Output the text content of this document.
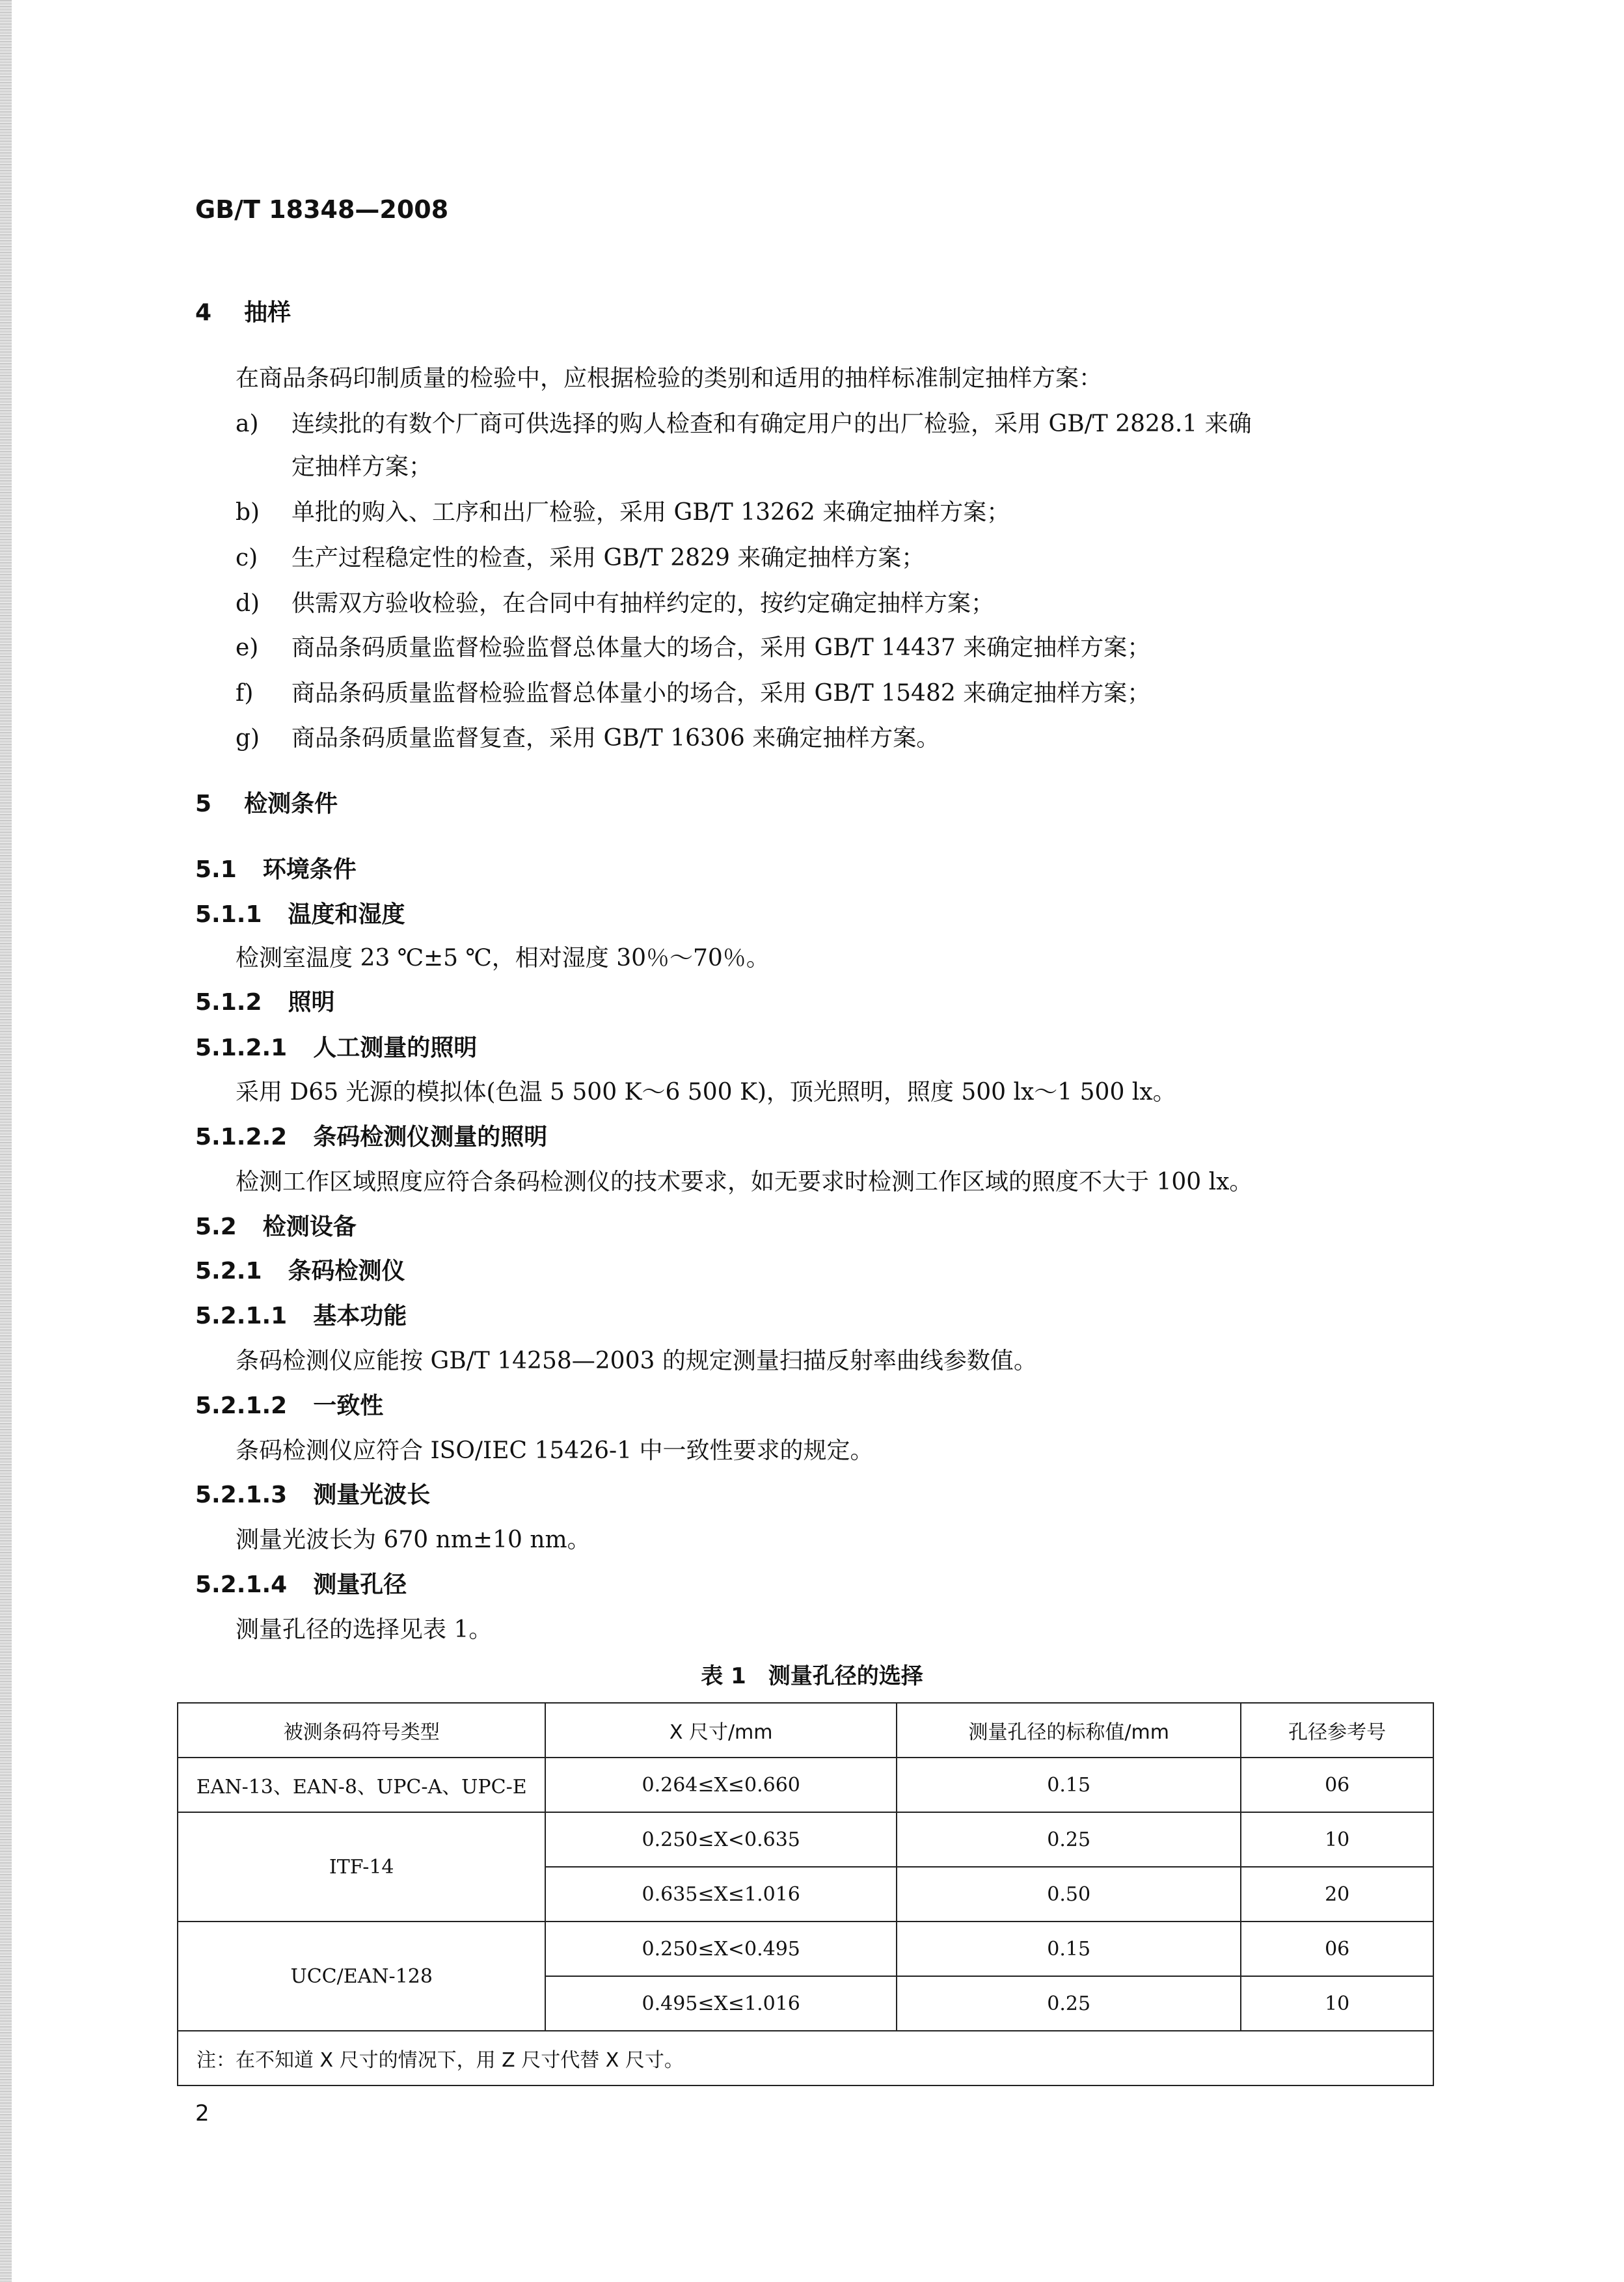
GB/T 18348—2008
4 抽样
在商品条码印制质量的检验中，应根据检验的类别和适用的抽样标准制定抽样方案：
a) 连续批的有数个厂商可供选择的购人检查和有确定用户的出厂检验，采用 GB/T 2828.1 来确
定抽样方案；
b) 单批的购入、工序和出厂检验，采用 GB/T 13262 来确定抽样方案；
c) 生产过程稳定性的检查，采用 GB/T 2829 来确定抽样方案；
d) 供需双方验收检验，在合同中有抽样约定的，按约定确定抽样方案；
e) 商品条码质量监督检验监督总体量大的场合，采用 GB/T 14437 来确定抽样方案；
f) 商品条码质量监督检验监督总体量小的场合，采用 GB/T 15482 来确定抽样方案；
g) 商品条码质量监督复查，采用 GB/T 16306 来确定抽样方案。
5 检测条件
5.1 环境条件
5.1.1 温度和湿度
检测室温度 23 ℃±5 ℃，相对湿度 30％～70％。
5.1.2 照明
5.1.2.1 人工测量的照明
采用 D65 光源的模拟体(色温 5 500 K～6 500 K)，顶光照明，照度 500 lx～1 500 lx。
5.1.2.2 条码检测仪测量的照明
检测工作区域照度应符合条码检测仪的技术要求，如无要求时检测工作区域的照度不大于 100 lx。
5.2 检测设备
5.2.1 条码检测仪
5.2.1.1 基本功能
条码检测仪应能按 GB/T 14258—2003 的规定测量扫描反射率曲线参数值。
5.2.1.2 一致性
条码检测仪应符合 ISO/IEC 15426-1 中一致性要求的规定。
5.2.1.3 测量光波长
测量光波长为 670 nm±10 nm。
5.2.1.4 测量孔径
测量孔径的选择见表 1。
表 1　测量孔径的选择
被测条码符号类型	X 尺寸/mm	测量孔径的标称值/mm	孔径参考号
EAN-13、EAN-8、UPC-A、UPC-E	0.264≤X≤0.660	0.15	06
ITF-14	0.250≤X<0.635	0.25	10
	0.635≤X≤1.016	0.50	20
UCC/EAN-128	0.250≤X<0.495	0.15	06
	0.495≤X≤1.016	0.25	10
注：在不知道 X 尺寸的情况下，用 Z 尺寸代替 X 尺寸。			
2
